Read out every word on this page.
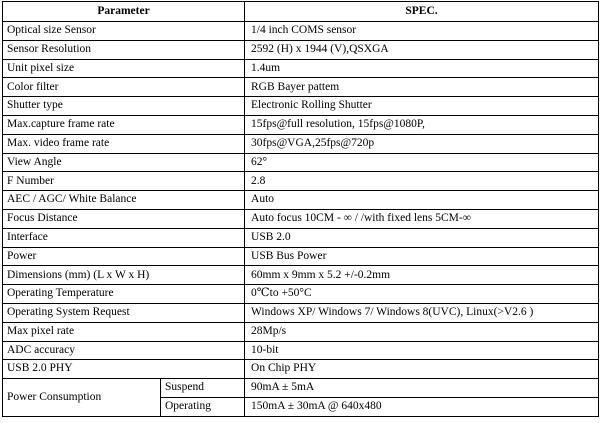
Parameter		SPEC.
Optical size Sensor		1/4 inch COMS sensor
Sensor Resolution		2592 (H) x 1944 (V),QSXGA
Unit pixel size		1.4um
Color filter		RGB Bayer pattem
Shutter type		Electronic Rolling Shutter
Max.capture frame rate		15fps@full resolution, 15fps@1080P,
Max. video frame rate		30fps@VGA,25fps@720p
View Angle		62°
F Number		2.8
AEC / AGC/ White Balance		Auto
Focus Distance		Auto focus 10CM - ∞ / /with fixed lens 5CM-∞
Interface		USB 2.0
Power		USB Bus Power
Dimensions (mm) (L x W x H)		60mm x 9mm x 5.2 +/-0.2mm
Operating Temperature		0℃to +50°C
Operating System Request		Windows XP/ Windows 7/ Windows 8(UVC), Linux(>V2.6 )
Max pixel rate		28Mp/s
ADC accuracy		10-bit
USB 2.0 PHY		On Chip PHY
Power Consumption	Suspend	90mA ± 5mA
	Operating	150mA ± 30mA @ 640x480
